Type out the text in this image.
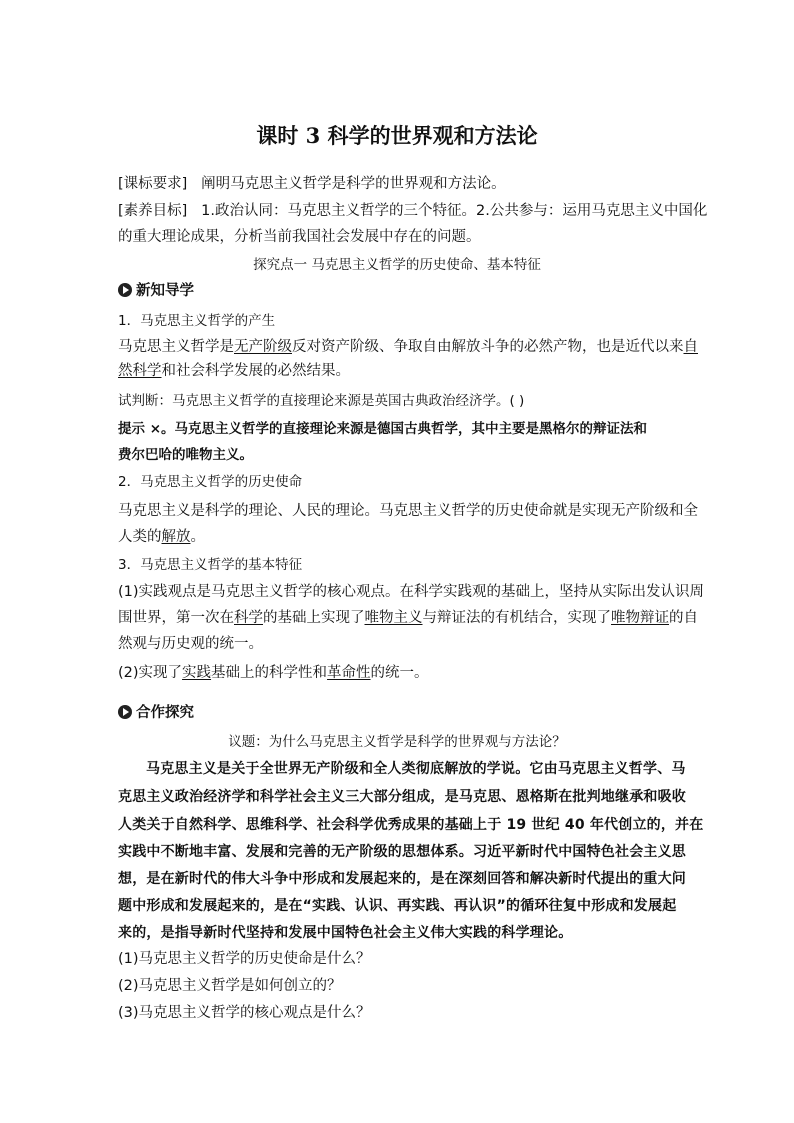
课时 3 科学的世界观和方法论
[课标要求] 阐明马克思主义哲学是科学的世界观和方法论。
[素养目标] 1.政治认同：马克思主义哲学的三个特征。2.公共参与：运用马克思主义中国化
的重大理论成果，分析当前我国社会发展中存在的问题。
探究点一 马克思主义哲学的历史使命、基本特征
新知导学
1．马克思主义哲学的产生
马克思主义哲学是无产阶级反对资产阶级、争取自由解放斗争的必然产物，也是近代以来自
然科学和社会科学发展的必然结果。
试判断：马克思主义哲学的直接理论来源是英国古典政治经济学。( )
提示 ×。马克思主义哲学的直接理论来源是德国古典哲学，其中主要是黑格尔的辩证法和
费尔巴哈的唯物主义。
2．马克思主义哲学的历史使命
马克思主义是科学的理论、人民的理论。马克思主义哲学的历史使命就是实现无产阶级和全
人类的解放。
3．马克思主义哲学的基本特征
(1)实践观点是马克思主义哲学的核心观点。在科学实践观的基础上，坚持从实际出发认识周
围世界，第一次在科学的基础上实现了唯物主义与辩证法的有机结合，实现了唯物辩证的自
然观与历史观的统一。
(2)实现了实践基础上的科学性和革命性的统一。
合作探究
议题：为什么马克思主义哲学是科学的世界观与方法论？
马克思主义是关于全世界无产阶级和全人类彻底解放的学说。它由马克思主义哲学、马
克思主义政治经济学和科学社会主义三大部分组成，是马克思、恩格斯在批判地继承和吸收
人类关于自然科学、思维科学、社会科学优秀成果的基础上于 19 世纪 40 年代创立的，并在
实践中不断地丰富、发展和完善的无产阶级的思想体系。习近平新时代中国特色社会主义思
想，是在新时代的伟大斗争中形成和发展起来的，是在深刻回答和解决新时代提出的重大问
题中形成和发展起来的，是在“实践、认识、再实践、再认识”的循环往复中形成和发展起
来的，是指导新时代坚持和发展中国特色社会主义伟大实践的科学理论。
(1)马克思主义哲学的历史使命是什么？
(2)马克思主义哲学是如何创立的？
(3)马克思主义哲学的核心观点是什么？
